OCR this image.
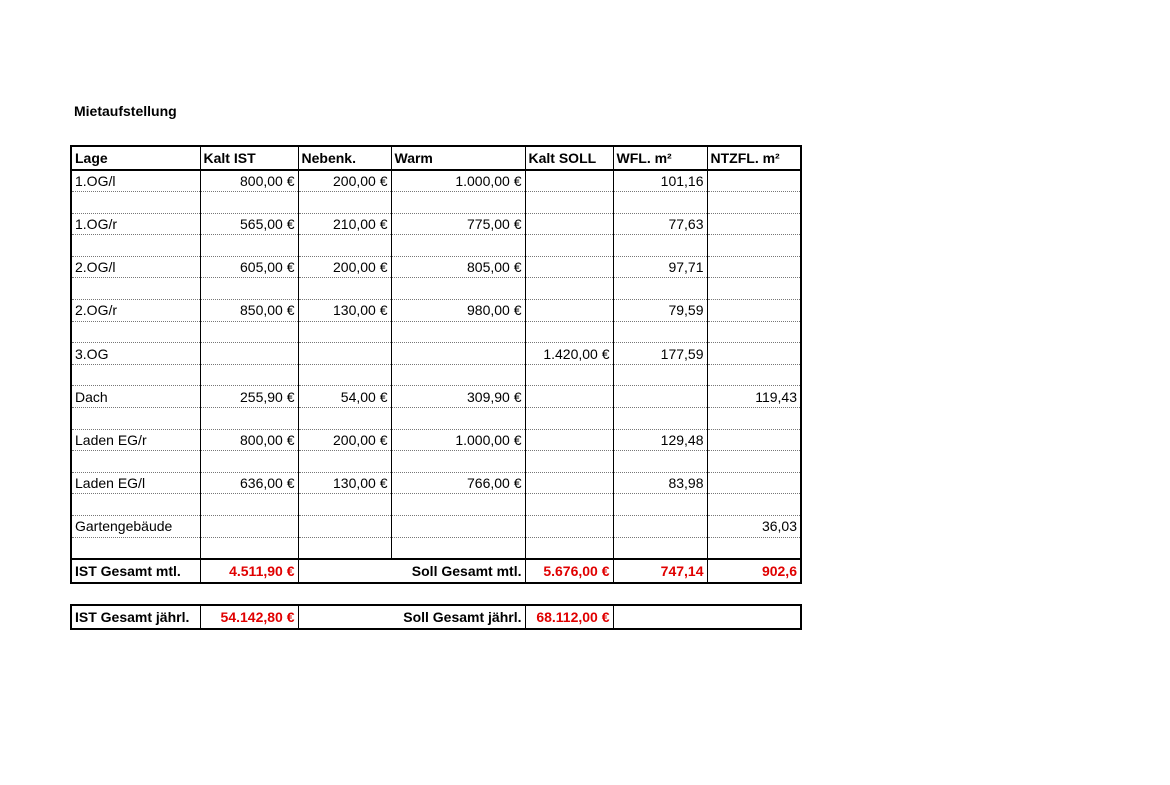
Mietaufstellung
Lage	Kalt IST	Nebenk.	Warm	Kalt SOLL	WFL. m²	NTZFL. m²
1.OG/l	800,00 €	200,00 €	1.000,00 €		101,16	

1.OG/r	565,00 €	210,00 €	775,00 €		77,63	

2.OG/l	605,00 €	200,00 €	805,00 €		97,71	

2.OG/r	850,00 €	130,00 €	980,00 €		79,59	

3.OG				1.420,00 €	177,59	

Dach	255,90 €	54,00 €	309,90 €			119,43

Laden EG/r	800,00 €	200,00 €	1.000,00 €		129,48	

Laden EG/l	636,00 €	130,00 €	766,00 €		83,98	

Gartengebäude						36,03

IST Gesamt mtl.	4.511,90 €		Soll Gesamt mtl.	5.676,00 €	747,14	902,6
IST Gesamt jährl.	54.142,80 €		Soll Gesamt jährl.	68.112,00 €	
